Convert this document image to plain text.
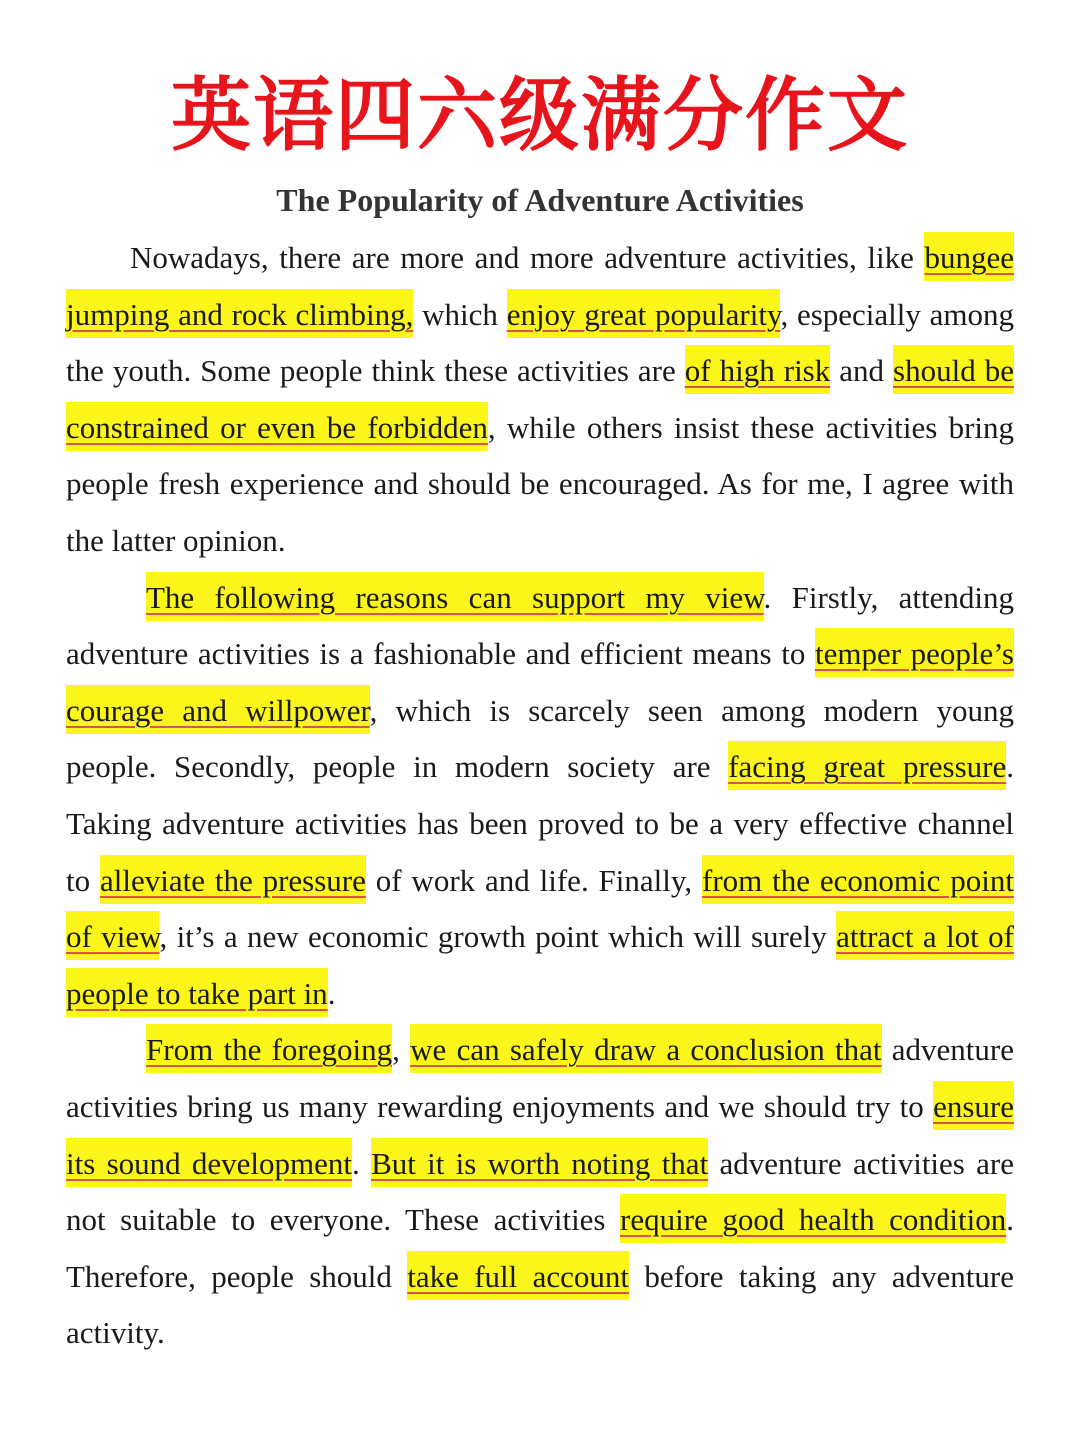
英语四六级满分作文
The Popularity of Adventure Activities

Nowadays, there are more and more adventure activities, like bungee jumping and rock climbing, which enjoy great popularity, especially among the youth. Some people think these activities are of high risk and should be constrained or even be forbidden, while others insist these activities bring people fresh experience and should be encouraged. As for me, I agree with the latter opinion.

The following reasons can support my view. Firstly, attending adventure activities is a fashionable and efficient means to temper people’s courage and willpower, which is scarcely seen among modern young people. Secondly, people in modern society are facing great pressure. Taking adventure activities has been proved to be a very effective channel to alleviate the pressure of work and life. Finally, from the economic point of view, it’s a new economic growth point which will surely attract a lot of people to take part in.

From the foregoing, we can safely draw a conclusion that adventure activities bring us many rewarding enjoyments and we should try to ensure its sound development. But it is worth noting that adventure activities are not suitable to everyone. These activities require good health condition. Therefore, people should take full account before taking any adventure activity.
